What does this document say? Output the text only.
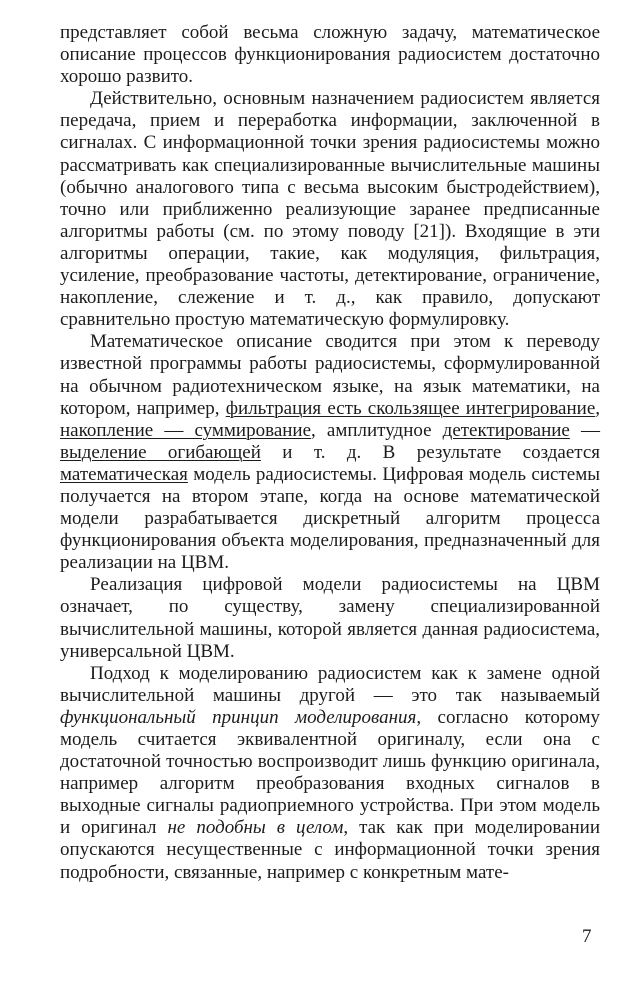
представляет собой весьма сложную задачу, математическое описание процессов функционирования радиосистем достаточно хорошо развито.

Действительно, основным назначением радиосистем является передача, прием и переработка информации, заключенной в сигналах. С информационной точки зрения радиосистемы можно рассматривать как специализированные вычислительные машины (обычно аналогового типа с весьма высоким быстродействием), точно или приближенно реализующие заранее предписанные алгоритмы работы (см. по этому поводу [21]). Входящие в эти алгоритмы операции, такие, как модуляция, фильтрация, усиление, преобразование частоты, детектирование, ограничение, накопление, слежение и т. д., как правило, допускают сравнительно простую математическую формулировку.

Математическое описание сводится при этом к переводу известной программы работы радиосистемы, сформулированной на обычном радиотехническом языке, на язык математики, на котором, например, фильтрация есть скользящее интегрирование, накопление — суммирование, амплитудное детектирование — выделение огибающей и т. д. В результате создается математическая модель радиосистемы. Цифровая модель системы получается на втором этапе, когда на основе математической модели разрабатывается дискретный алгоритм процесса функционирования объекта моделирования, предназначенный для реализации на ЦВМ.

Реализация цифровой модели радиосистемы на ЦВМ означает, по существу, замену специализированной вычислительной машины, которой является данная радиосистема, универсальной ЦВМ.

Подход к моделированию радиосистем как к замене одной вычислительной машины другой — это так называемый функциональный принцип моделирования, согласно которому модель считается эквивалентной оригиналу, если она с достаточной точностью воспроизводит лишь функцию оригинала, например алгоритм преобразования входных сигналов в выходные сигналы радиоприемного устройства. При этом модель и оригинал не подобны в целом, так как при моделировании опускаются несущественные с информационной точки зрения подробности, связанные, например с конкретным мате-

7
